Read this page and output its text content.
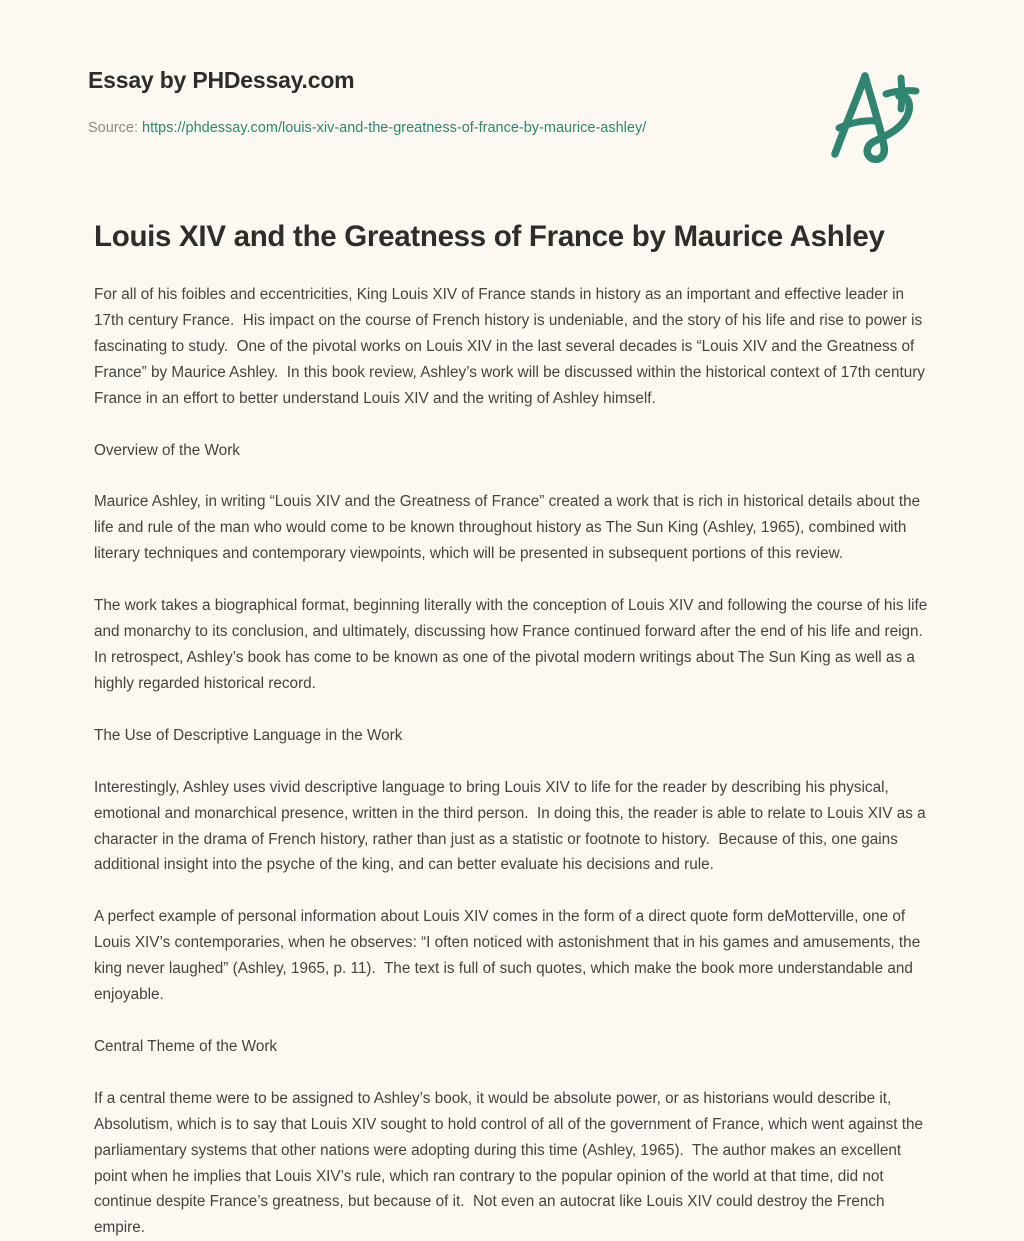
Essay by PHDessay.com
Source: https://phdessay.com/louis-xiv-and-the-greatness-of-france-by-maurice-ashley/
Louis XIV and the Greatness of France by Maurice Ashley

For all of his foibles and eccentricities, King Louis XIV of France stands in history as an important and effective leader in 17th century France.  His impact on the course of French history is undeniable, and the story of his life and rise to power is fascinating to study.  One of the pivotal works on Louis XIV in the last several decades is “Louis XIV and the Greatness of France” by Maurice Ashley.  In this book review, Ashley’s work will be discussed within the historical context of 17th century France in an effort to better understand Louis XIV and the writing of Ashley himself.

Overview of the Work

Maurice Ashley, in writing “Louis XIV and the Greatness of France” created a work that is rich in historical details about the life and rule of the man who would come to be known throughout history as The Sun King (Ashley, 1965), combined with literary techniques and contemporary viewpoints, which will be presented in subsequent portions of this review.

The work takes a biographical format, beginning literally with the conception of Louis XIV and following the course of his life and monarchy to its conclusion, and ultimately, discussing how France continued forward after the end of his life and reign.  In retrospect, Ashley’s book has come to be known as one of the pivotal modern writings about The Sun King as well as a highly regarded historical record.

The Use of Descriptive Language in the Work

Interestingly, Ashley uses vivid descriptive language to bring Louis XIV to life for the reader by describing his physical, emotional and monarchical presence, written in the third person.  In doing this, the reader is able to relate to Louis XIV as a character in the drama of French history, rather than just as a statistic or footnote to history.  Because of this, one gains additional insight into the psyche of the king, and can better evaluate his decisions and rule.

A perfect example of personal information about Louis XIV comes in the form of a direct quote form deMotterville, one of Louis XIV’s contemporaries, when he observes: “I often noticed with astonishment that in his games and amusements, the king never laughed” (Ashley, 1965, p. 11).  The text is full of such quotes, which make the book more understandable and enjoyable.

Central Theme of the Work

If a central theme were to be assigned to Ashley’s book, it would be absolute power, or as historians would describe it, Absolutism, which is to say that Louis XIV sought to hold control of all of the government of France, which went against the parliamentary systems that other nations were adopting during this time (Ashley, 1965).  The author makes an excellent point when he implies that Louis XIV’s rule, which ran contrary to the popular opinion of the world at that time, did not continue despite France’s greatness, but because of it.  Not even an autocrat like Louis XIV could destroy the French empire.
